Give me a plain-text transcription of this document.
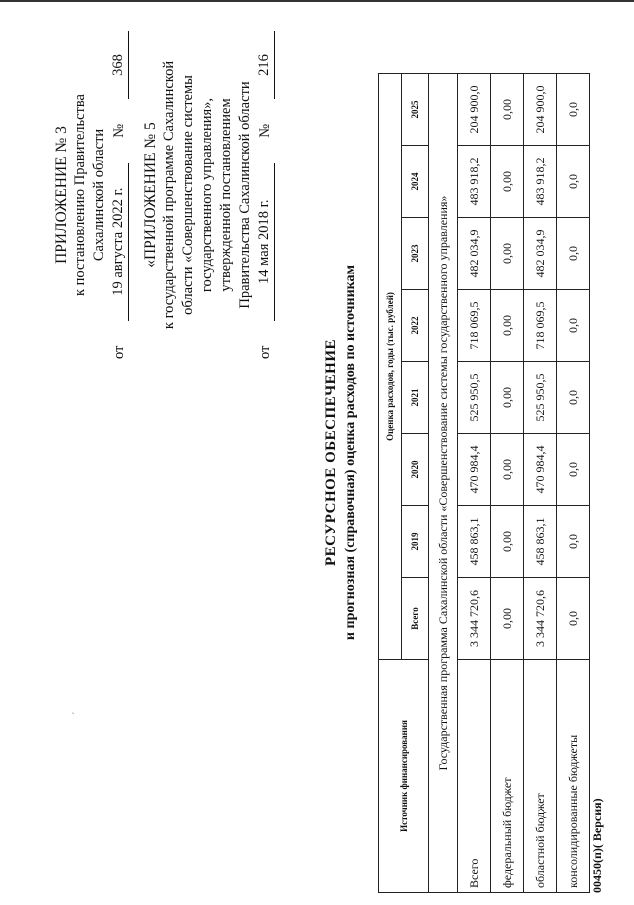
ПРИЛОЖЕНИЕ № 3 к постановлению Правительства Сахалинской области
от
19 августа 2022 г.
№
368
«ПРИЛОЖЕНИЕ № 5 к государственной программе Сахалинской области «Совершенствование системы государственного управления», утвержденной постановлением Правительства Сахалинской области
от
14 мая 2018 г.
№
216
ˊ
РЕСУРСНОЕ ОБЕСПЕЧЕНИЕ и прогнозная (справочная) оценка расходов по источникам
Источник финансирования	Оценка расходов, годы (тыс. рублей)							
	Всего	2019	2020	2021	2022	2023	2024	2025
Государственная программа Сахалинской области «Совершенствование системы государственного управления»								
Всего	3 344 720,6	458 863,1	470 984,4	525 950,5	718 069,5	482 034,9	483 918,2	204 900,0
федеральный бюджет	0,00	0,00	0,00	0,00	0,00	0,00	0,00	0,00
областной бюджет	3 344 720,6	458 863,1	470 984,4	525 950,5	718 069,5	482 034,9	483 918,2	204 900,0
консолидированные бюджеты	0,0	0,0	0,0	0,0	0,0	0,0	0,0	0,0
00450(п)( Версия)
